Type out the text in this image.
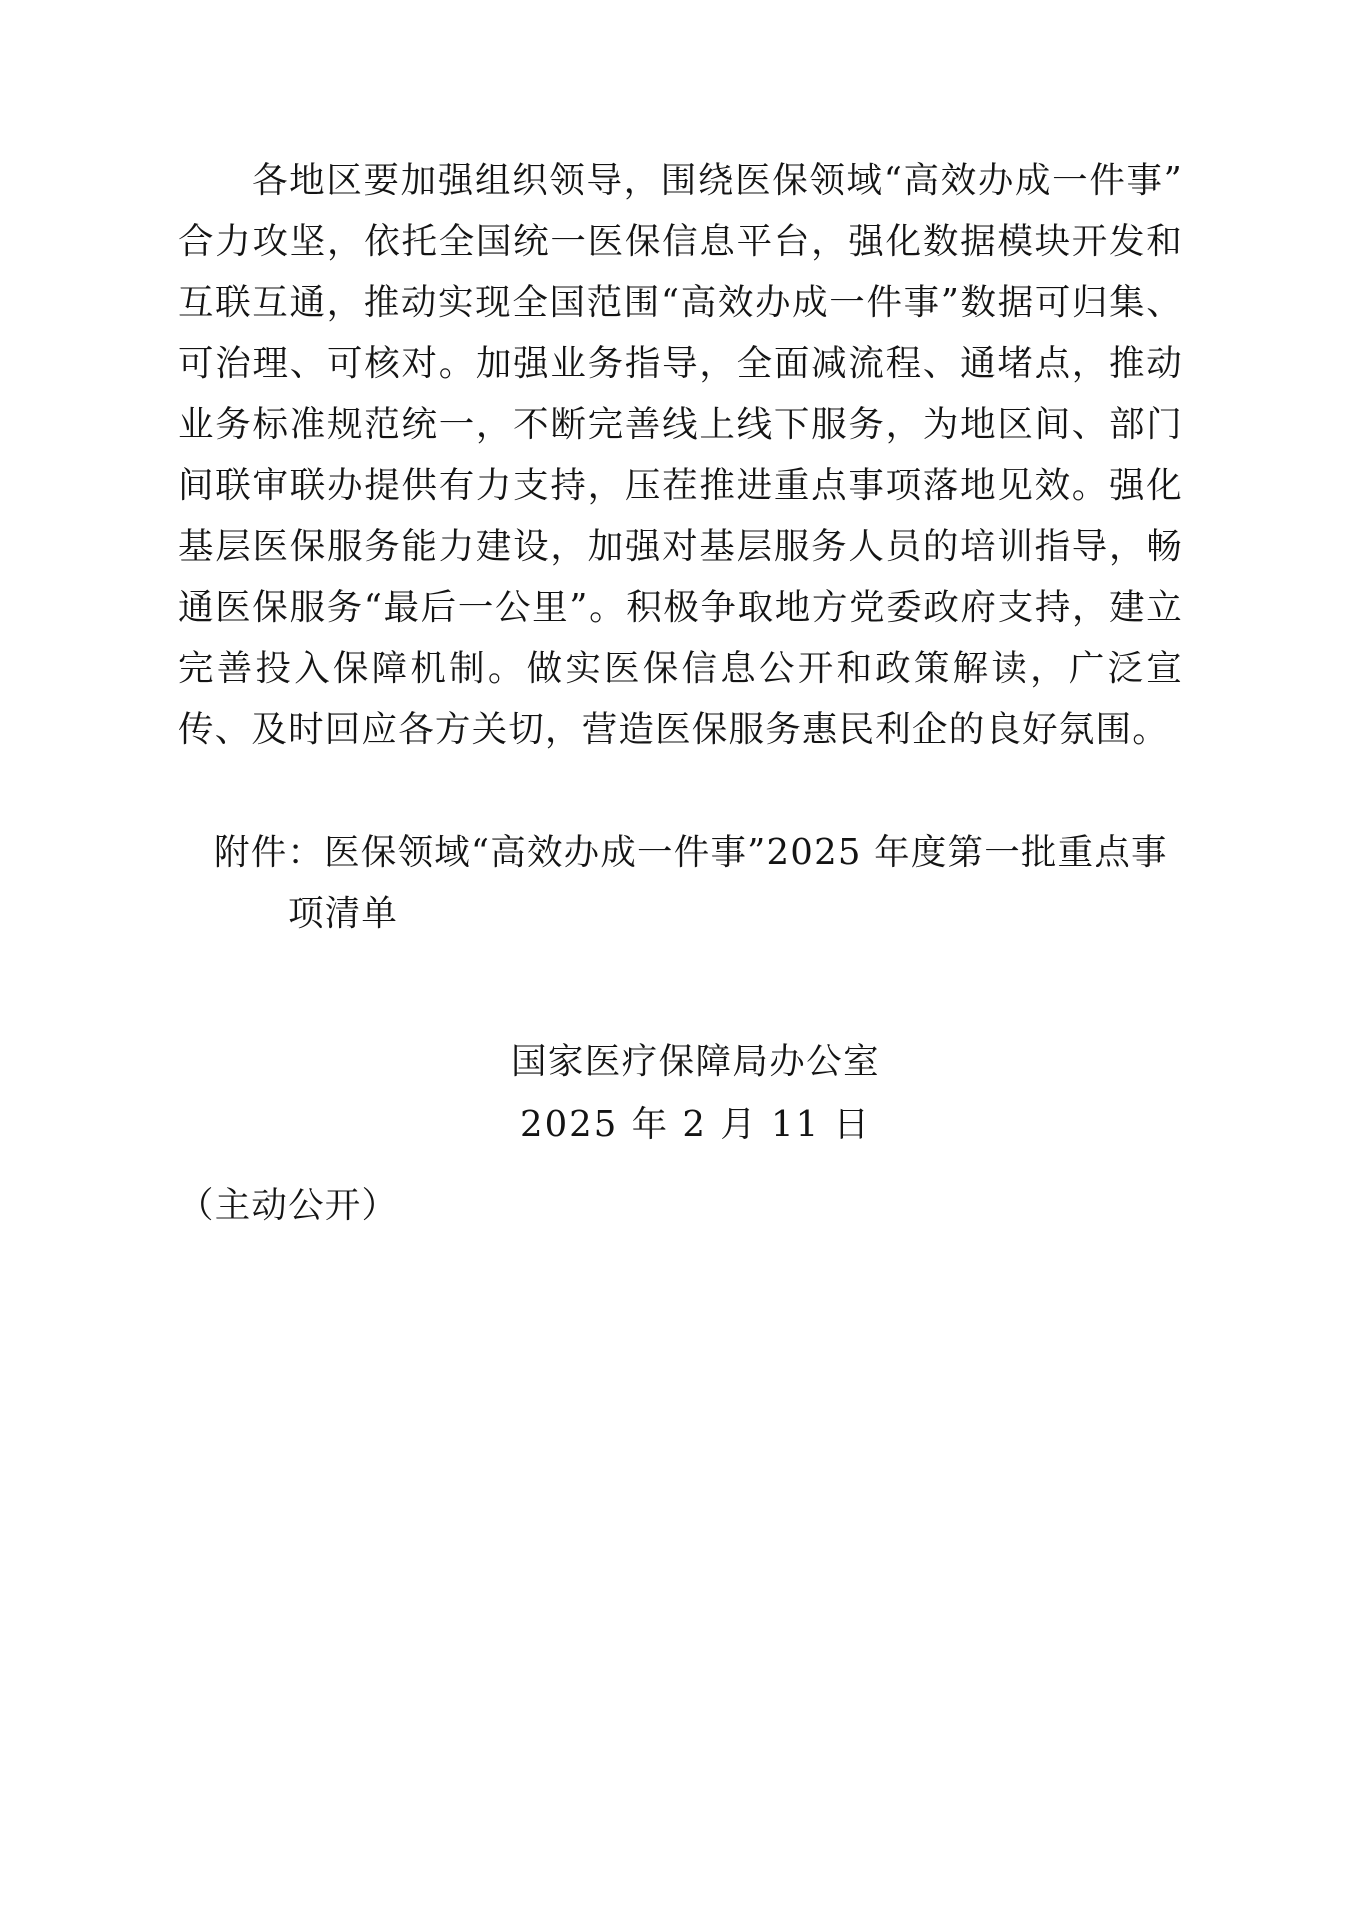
各地区要加强组织领导，围绕医保领域“高效办成一件事”合力攻坚，依托全国统一医保信息平台，强化数据模块开发和互联互通，推动实现全国范围“高效办成一件事”数据可归集、可治理、可核对。加强业务指导，全面减流程、通堵点，推动业务标准规范统一，不断完善线上线下服务，为地区间、部门间联审联办提供有力支持，压茬推进重点事项落地见效。强化基层医保服务能力建设，加强对基层服务人员的培训指导，畅通医保服务“最后一公里”。积极争取地方党委政府支持，建立完善投入保障机制。做实医保信息公开和政策解读，广泛宣传、及时回应各方关切，营造医保服务惠民利企的良好氛围。

附件：医保领域“高效办成一件事”2025 年度第一批重点事
项清单
国家医疗保障局办公室
2025 年 2 月 11 日
（主动公开）
